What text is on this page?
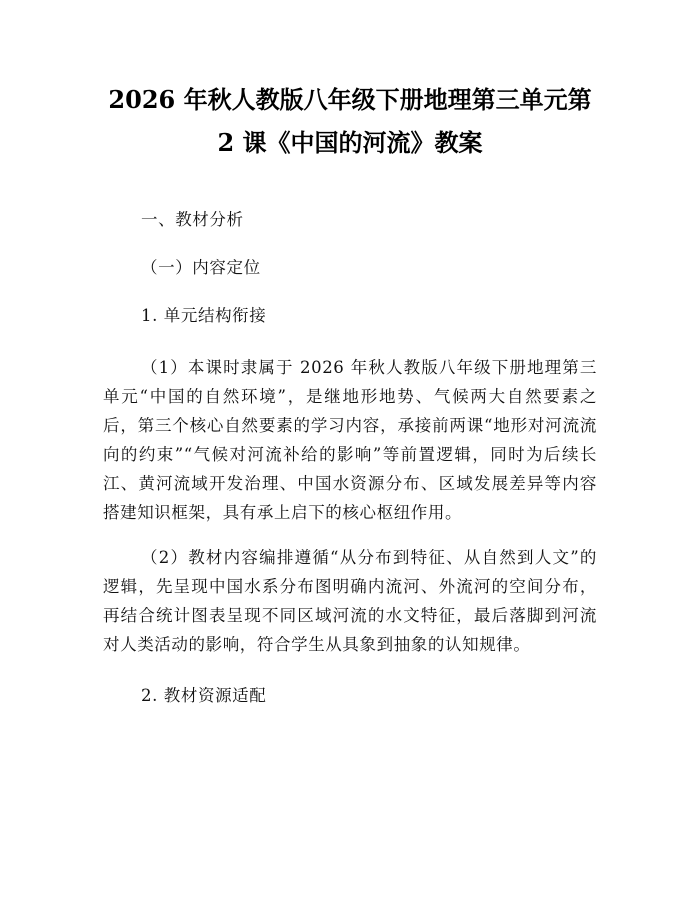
2026 年秋人教版八年级下册地理第三单元第
2 课《中国的河流》教案

一、教材分析

（一）内容定位

1. 单元结构衔接

（1）本课时隶属于 2026 年秋人教版八年级下册地理第三单元“中国的自然环境”，是继地形地势、气候两大自然要素之后，第三个核心自然要素的学习内容，承接前两课“地形对河流流向的约束”“气候对河流补给的影响”等前置逻辑，同时为后续长江、黄河流域开发治理、中国水资源分布、区域发展差异等内容搭建知识框架，具有承上启下的核心枢纽作用。

（2）教材内容编排遵循“从分布到特征、从自然到人文”的逻辑，先呈现中国水系分布图明确内流河、外流河的空间分布，再结合统计图表呈现不同区域河流的水文特征，最后落脚到河流对人类活动的影响，符合学生从具象到抽象的认知规律。

2. 教材资源适配
